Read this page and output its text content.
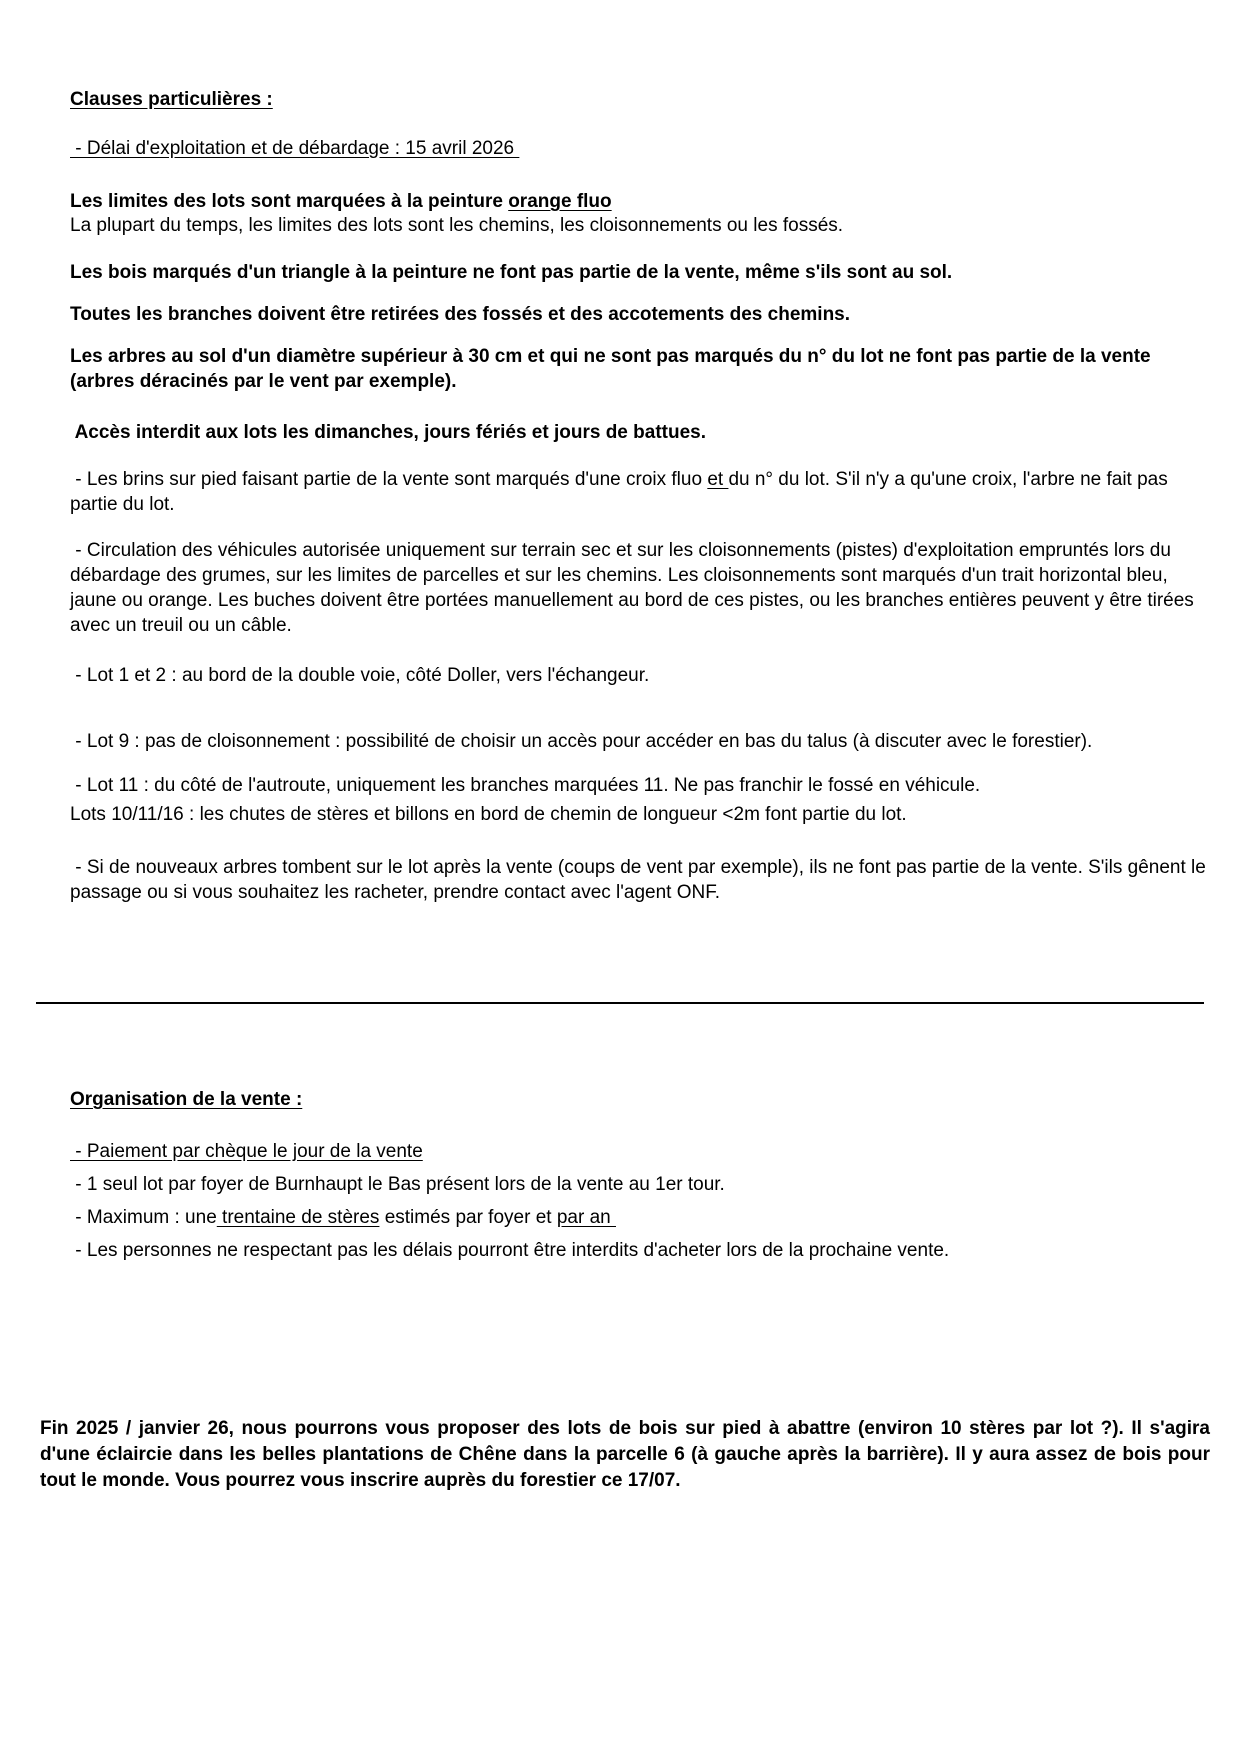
Clauses particulières :
- Délai d'exploitation et de débardage : 15 avril 2026
Les limites des lots sont marquées à la peinture orange fluo
La plupart du temps, les limites des lots sont les chemins, les cloisonnements ou les fossés.
Les bois marqués d'un triangle à la peinture ne font pas partie de la vente, même s'ils sont au sol.
Toutes les branches doivent être retirées des fossés et des accotements des chemins.
Les arbres au sol d'un diamètre supérieur à 30 cm et qui ne sont pas marqués du n° du lot ne font pas partie de la vente (arbres déracinés par le vent par exemple).
Accès interdit aux lots les dimanches, jours fériés et jours de battues.
- Les brins sur pied faisant partie de la vente sont marqués d'une croix fluo et du n° du lot. S'il n'y a qu'une croix, l'arbre ne fait pas partie du lot.
- Circulation des véhicules autorisée uniquement sur terrain sec et sur les cloisonnements (pistes) d'exploitation empruntés lors du débardage des grumes, sur les limites de parcelles et sur les chemins. Les cloisonnements sont marqués d'un trait horizontal bleu, jaune ou orange. Les buches doivent être portées manuellement au bord de ces pistes, ou les branches entières peuvent y être tirées avec un treuil ou un câble.
- Lot 1 et 2 : au bord de la double voie, côté Doller, vers l'échangeur.
- Lot 9 : pas de cloisonnement : possibilité de choisir un accès pour accéder en bas du talus (à discuter avec le forestier).
- Lot 11 : du côté de l'autroute, uniquement les branches marquées 11. Ne pas franchir le fossé en véhicule.
Lots 10/11/16 : les chutes de stères et billons en bord de chemin de longueur <2m font partie du lot.
- Si de nouveaux arbres tombent sur le lot après la vente (coups de vent par exemple), ils ne font pas partie de la vente. S'ils gênent le passage ou si vous souhaitez les racheter, prendre contact avec l'agent ONF.
Organisation de la vente :
- Paiement par chèque le jour de la vente
- 1 seul lot par foyer de Burnhaupt le Bas présent lors de la vente au 1er tour.
- Maximum : une trentaine de stères estimés par foyer et par an
- Les personnes ne respectant pas les délais pourront être interdits d'acheter lors de la prochaine vente.
Fin 2025 / janvier 26, nous pourrons vous proposer des lots de bois sur pied à abattre (environ 10 stères par lot ?). Il s'agira d'une éclaircie dans les belles plantations de Chêne dans la parcelle 6 (à gauche après la barrière). Il y aura assez de bois pour tout le monde. Vous pourrez vous inscrire auprès du forestier ce 17/07.
